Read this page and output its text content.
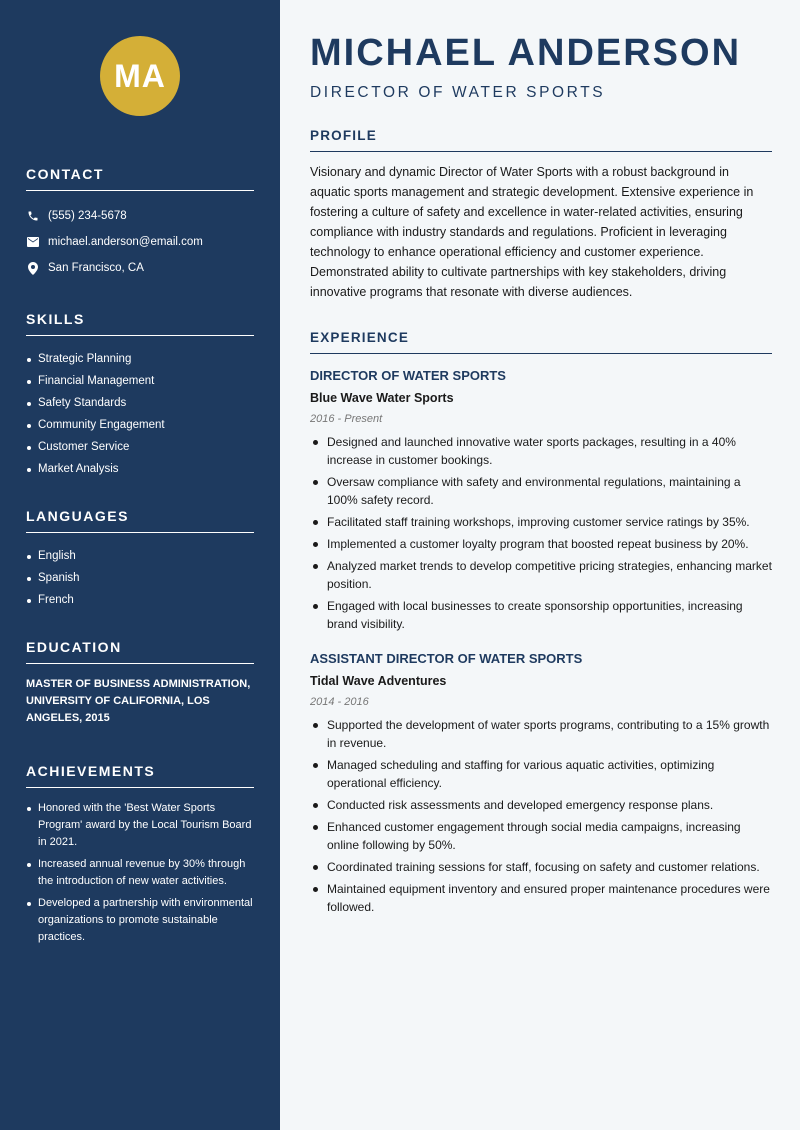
MA
CONTACT
(555) 234-5678
michael.anderson@email.com
San Francisco, CA
SKILLS
Strategic Planning
Financial Management
Safety Standards
Community Engagement
Customer Service
Market Analysis
LANGUAGES
English
Spanish
French
EDUCATION
MASTER OF BUSINESS ADMINISTRATION, UNIVERSITY OF CALIFORNIA, LOS ANGELES, 2015
ACHIEVEMENTS
Honored with the 'Best Water Sports Program' award by the Local Tourism Board in 2021.
Increased annual revenue by 30% through the introduction of new water activities.
Developed a partnership with environmental organizations to promote sustainable practices.
MICHAEL ANDERSON
DIRECTOR OF WATER SPORTS
PROFILE

Visionary and dynamic Director of Water Sports with a robust background in aquatic sports management and strategic development. Extensive experience in fostering a culture of safety and excellence in water-related activities, ensuring compliance with industry standards and regulations. Proficient in leveraging technology to enhance operational efficiency and customer experience. Demonstrated ability to cultivate partnerships with key stakeholders, driving innovative programs that resonate with diverse audiences.

EXPERIENCE
DIRECTOR OF WATER SPORTS
Blue Wave Water Sports
2016 - Present
Designed and launched innovative water sports packages, resulting in a 40% increase in customer bookings.
Oversaw compliance with safety and environmental regulations, maintaining a 100% safety record.
Facilitated staff training workshops, improving customer service ratings by 35%.
Implemented a customer loyalty program that boosted repeat business by 20%.
Analyzed market trends to develop competitive pricing strategies, enhancing market position.
Engaged with local businesses to create sponsorship opportunities, increasing brand visibility.
ASSISTANT DIRECTOR OF WATER SPORTS
Tidal Wave Adventures
2014 - 2016
Supported the development of water sports programs, contributing to a 15% growth in revenue.
Managed scheduling and staffing for various aquatic activities, optimizing operational efficiency.
Conducted risk assessments and developed emergency response plans.
Enhanced customer engagement through social media campaigns, increasing online following by 50%.
Coordinated training sessions for staff, focusing on safety and customer relations.
Maintained equipment inventory and ensured proper maintenance procedures were followed.
